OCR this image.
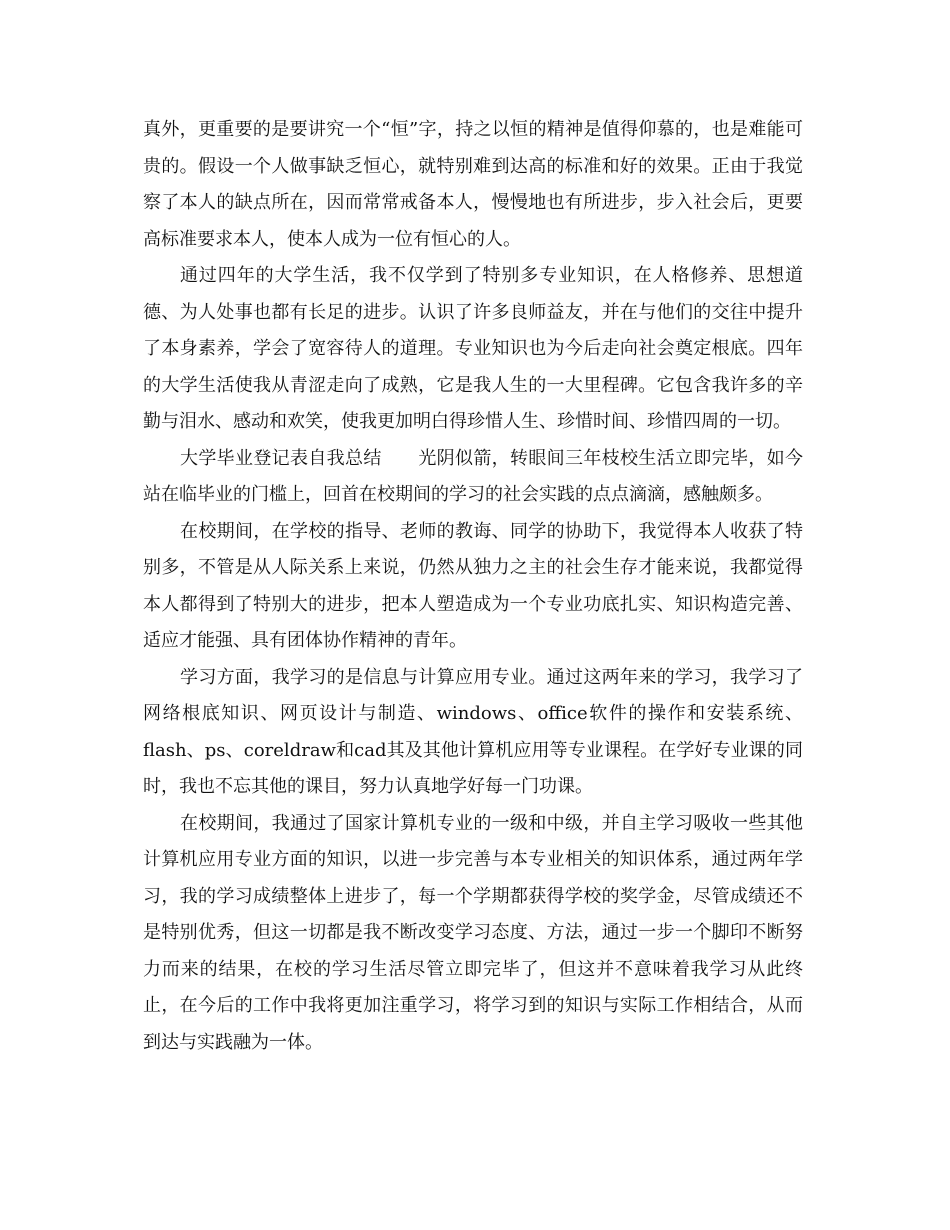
真外，更重要的是要讲究一个“恒”字，持之以恒的精神是值得仰慕的，也是难能可贵的。假设一个人做事缺乏恒心，就特别难到达高的标准和好的效果。正由于我觉察了本人的缺点所在，因而常常戒备本人，慢慢地也有所进步，步入社会后，更要高标准要求本人，使本人成为一位有恒心的人。

通过四年的大学生活，我不仅学到了特别多专业知识，在人格修养、思想道德、为人处事也都有长足的进步。认识了许多良师益友，并在与他们的交往中提升了本身素养，学会了宽容待人的道理。专业知识也为今后走向社会奠定根底。四年的大学生活使我从青涩走向了成熟，它是我人生的一大里程碑。它包含我许多的辛勤与泪水、感动和欢笑，使我更加明白得珍惜人生、珍惜时间、珍惜四周的一切。

大学毕业登记表自我总结　　光阴似箭，转眼间三年枝校生活立即完毕，如今站在临毕业的门槛上，回首在校期间的学习的社会实践的点点滴滴，感触颇多。

在校期间，在学校的指导、老师的教诲、同学的协助下，我觉得本人收获了特别多，不管是从人际关系上来说，仍然从独力之主的社会生存才能来说，我都觉得本人都得到了特别大的进步，把本人塑造成为一个专业功底扎实、知识构造完善、适应才能强、具有团体协作精神的青年。

学习方面，我学习的是信息与计算应用专业。通过这两年来的学习，我学习了网络根底知识、网页设计与制造、windows、office软件的操作和安装系统、flash、ps、coreldraw和cad其及其他计算机应用等专业课程。在学好专业课的同时，我也不忘其他的课目，努力认真地学好每一门功课。

在校期间，我通过了国家计算机专业的一级和中级，并自主学习吸收一些其他计算机应用专业方面的知识，以进一步完善与本专业相关的知识体系，通过两年学习，我的学习成绩整体上进步了，每一个学期都获得学校的奖学金，尽管成绩还不是特别优秀，但这一切都是我不断改变学习态度、方法，通过一步一个脚印不断努力而来的结果，在校的学习生活尽管立即完毕了，但这并不意味着我学习从此终止，在今后的工作中我将更加注重学习，将学习到的知识与实际工作相结合，从而到达与实践融为一体。
